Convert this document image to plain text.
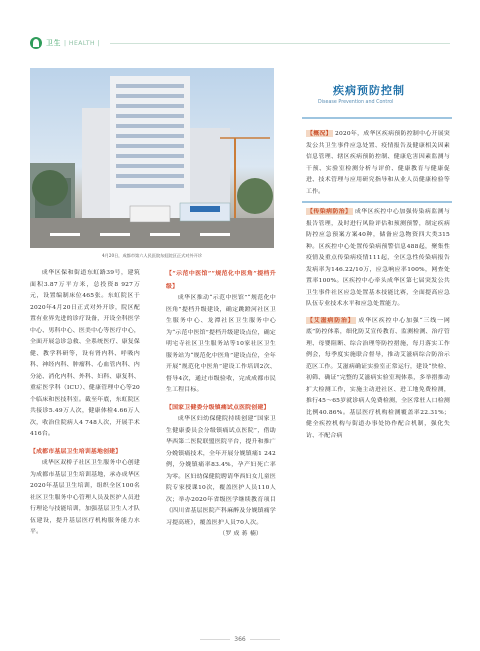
卫生 | HEALTH |
4月20日，成都市第六人民医院东虹院区正式对外开诊
疾病预防控制
Disease Prevention and Control

成华区保和街道东虹路39号，建筑面积3.87万平方米，总投资8 927万元，设置编制床位465张。东虹院区于2020年4月20日正式对外开诊，院区配置有业界先进的诊疗设备，开设全科医学中心、男科中心、医美中心等医疗中心，全面开展急诊急救、全系统医疗、康复保健、教学科研等，设有肾内科、呼吸内科、神经内科、肿瘤科、心血管内科、内分泌、消化内科、外科、妇科、康复科、重症医学科（ICU）、健康管理中心等20个临床和医技科室。截至年底，东虹院区共接诊5.49万人次，健康体检4.66万人次，收治住院病人4 748人次，开展手术416台。

【成都市基层卫生培训基地创建】

成华区双桥子社区卫生服务中心创建为成都市基层卫生培训基地，承办成华区2020年基层卫生培训，组织全区100名社区卫生服务中心管理人员及医护人员进行理论与技能培训，加强基层卫生人才队伍建设，提升基层医疗机构服务能力水平。

【“示范中医馆”“规范化中医角”提档升级】

成华区推动“示范中医馆”“规范化中医角”提档升级建设，确定跳蹬河社区卫生服务中心、龙潭社区卫生服务中心为“示范中医馆”提档升级建设点位，确定明宅寺社区卫生服务站等10家社区卫生服务站为“规范化中医角”建设点位，全年开展“规范化中医角”建设工作培训2次、督导4次，通过市级验收，完成成都市民生工程目标。

【国家卫健委分级镇痛试点医院创建】

成华区妇幼保健院持续创建“国家卫生健康委员会分级镇痛试点医院”，借助华西第二医院联盟医院平台，提升和推广分娩镇痛技术，全年开展分娩镇痛1 242例，分娩镇痛率83.4%，孕产妇死亡率为零。区妇幼保健院聘请华西妇女儿童医院专家授课10次，覆盖医护人员110人次；举办2020年省级医学继续教育项目《四川省基层医院产科麻醉及分娩镇痛学习提高班》，覆盖医护人员70人次。

（罗 成 蒋 楠）

【概况】 2020年，成华区疾病预防控制中心开展突发公共卫生事件应急处置、疫情报告及健康相关因素信息管理、辖区疾病预防控制、健康危害因素监测与干预、实验室检测分析与评价、健康教育与健康促进、技术管理与应用研究指导和从业人员健康检验等工作。

【传染病防治】 成华区疾控中心加强传染病监测与报告管理，及时进行风险评估和预测预警，制定疾病防控应急预案方案40种，储备应急物资四大类315种。区疾控中心处置传染病预警信息488起，聚集性疫情及重点传染病疫情111起，全区急性传染病报告发病率为146.22/10万，应急响应率100%，网查处置率100%。区疾控中心牵头成华区第七届突发公共卫生事件社区应急处置基本技能比赛，全面提高应急队伍专业技术水平和应急处置能力。

【艾滋病防治】 成华区疾控中心加强“三线一网底”防控体系，细化防艾宣传教育、监测检测、治疗管理、母婴阻断、综合治理等防控措施，每月落实工作例会，每季度实施联合督导，推动艾滋病综合防治示范区工作。艾滋病确证实验室正常运行，建设“快检、初筛、确证”完整的艾滋病实验室现体系，多举措推动扩大检测工作，实施主动进社区、进工地免费检测，推行45～65岁就诊病人免费检测，全区常驻人口检测比例40.86%。基层医疗机构检测覆盖率22.31%；健全疾控机构与街道办事处协作配合机制，强化失访、不配合病

366
